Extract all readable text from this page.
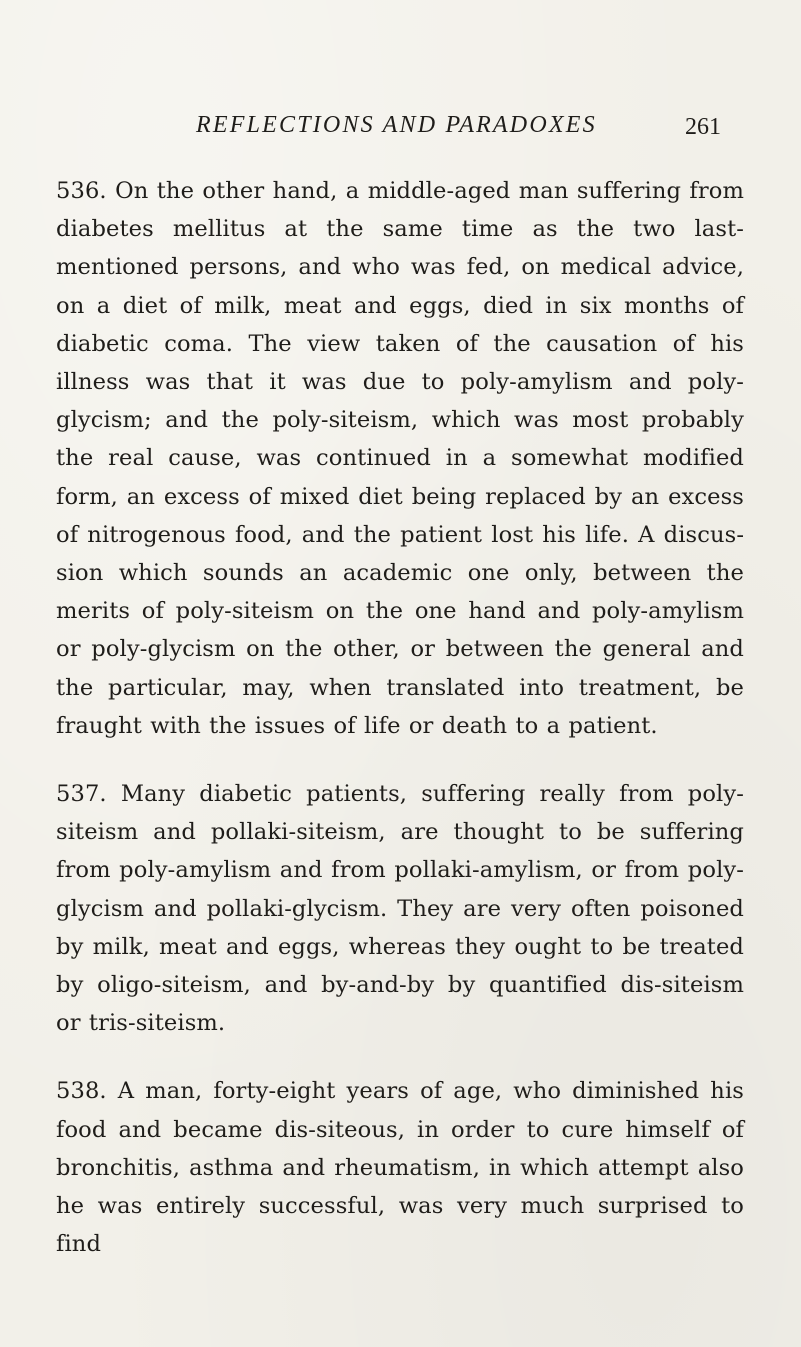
REFLECTIONS AND PARADOXES	261

536. On the other hand, a middle-aged man suffering from diabetes mellitus at the same time as the two last-mentioned persons, and who was fed, on medical advice, on a diet of milk, meat and eggs, died in six months of diabetic coma. The view taken of the causation of his illness was that it was due to poly-amylism and poly-glycism; and the poly-siteism, which was most probably the real cause, was continued in a somewhat modified form, an excess of mixed diet being replaced by an excess of nitrogenous food, and the patient lost his life. A discussion which sounds an academic one only, between the merits of poly-siteism on the one hand and poly-amylism or poly-glycism on the other, or between the general and the particular, may, when translated into treatment, be fraught with the issues of life or death to a patient.

537. Many diabetic patients, suffering really from poly-siteism and pollaki-siteism, are thought to be suffering from poly-amylism and from pollaki-amylism, or from poly-glycism and pollaki-glycism. They are very often poisoned by milk, meat and eggs, whereas they ought to be treated by oligo-siteism, and by-and-by by quantified dis-siteism or tris-siteism.

538. A man, forty-eight years of age, who diminished his food and became dis-siteous, in order to cure himself of bronchitis, asthma and rheumatism, in which attempt also he was entirely successful, was very much surprised to find
